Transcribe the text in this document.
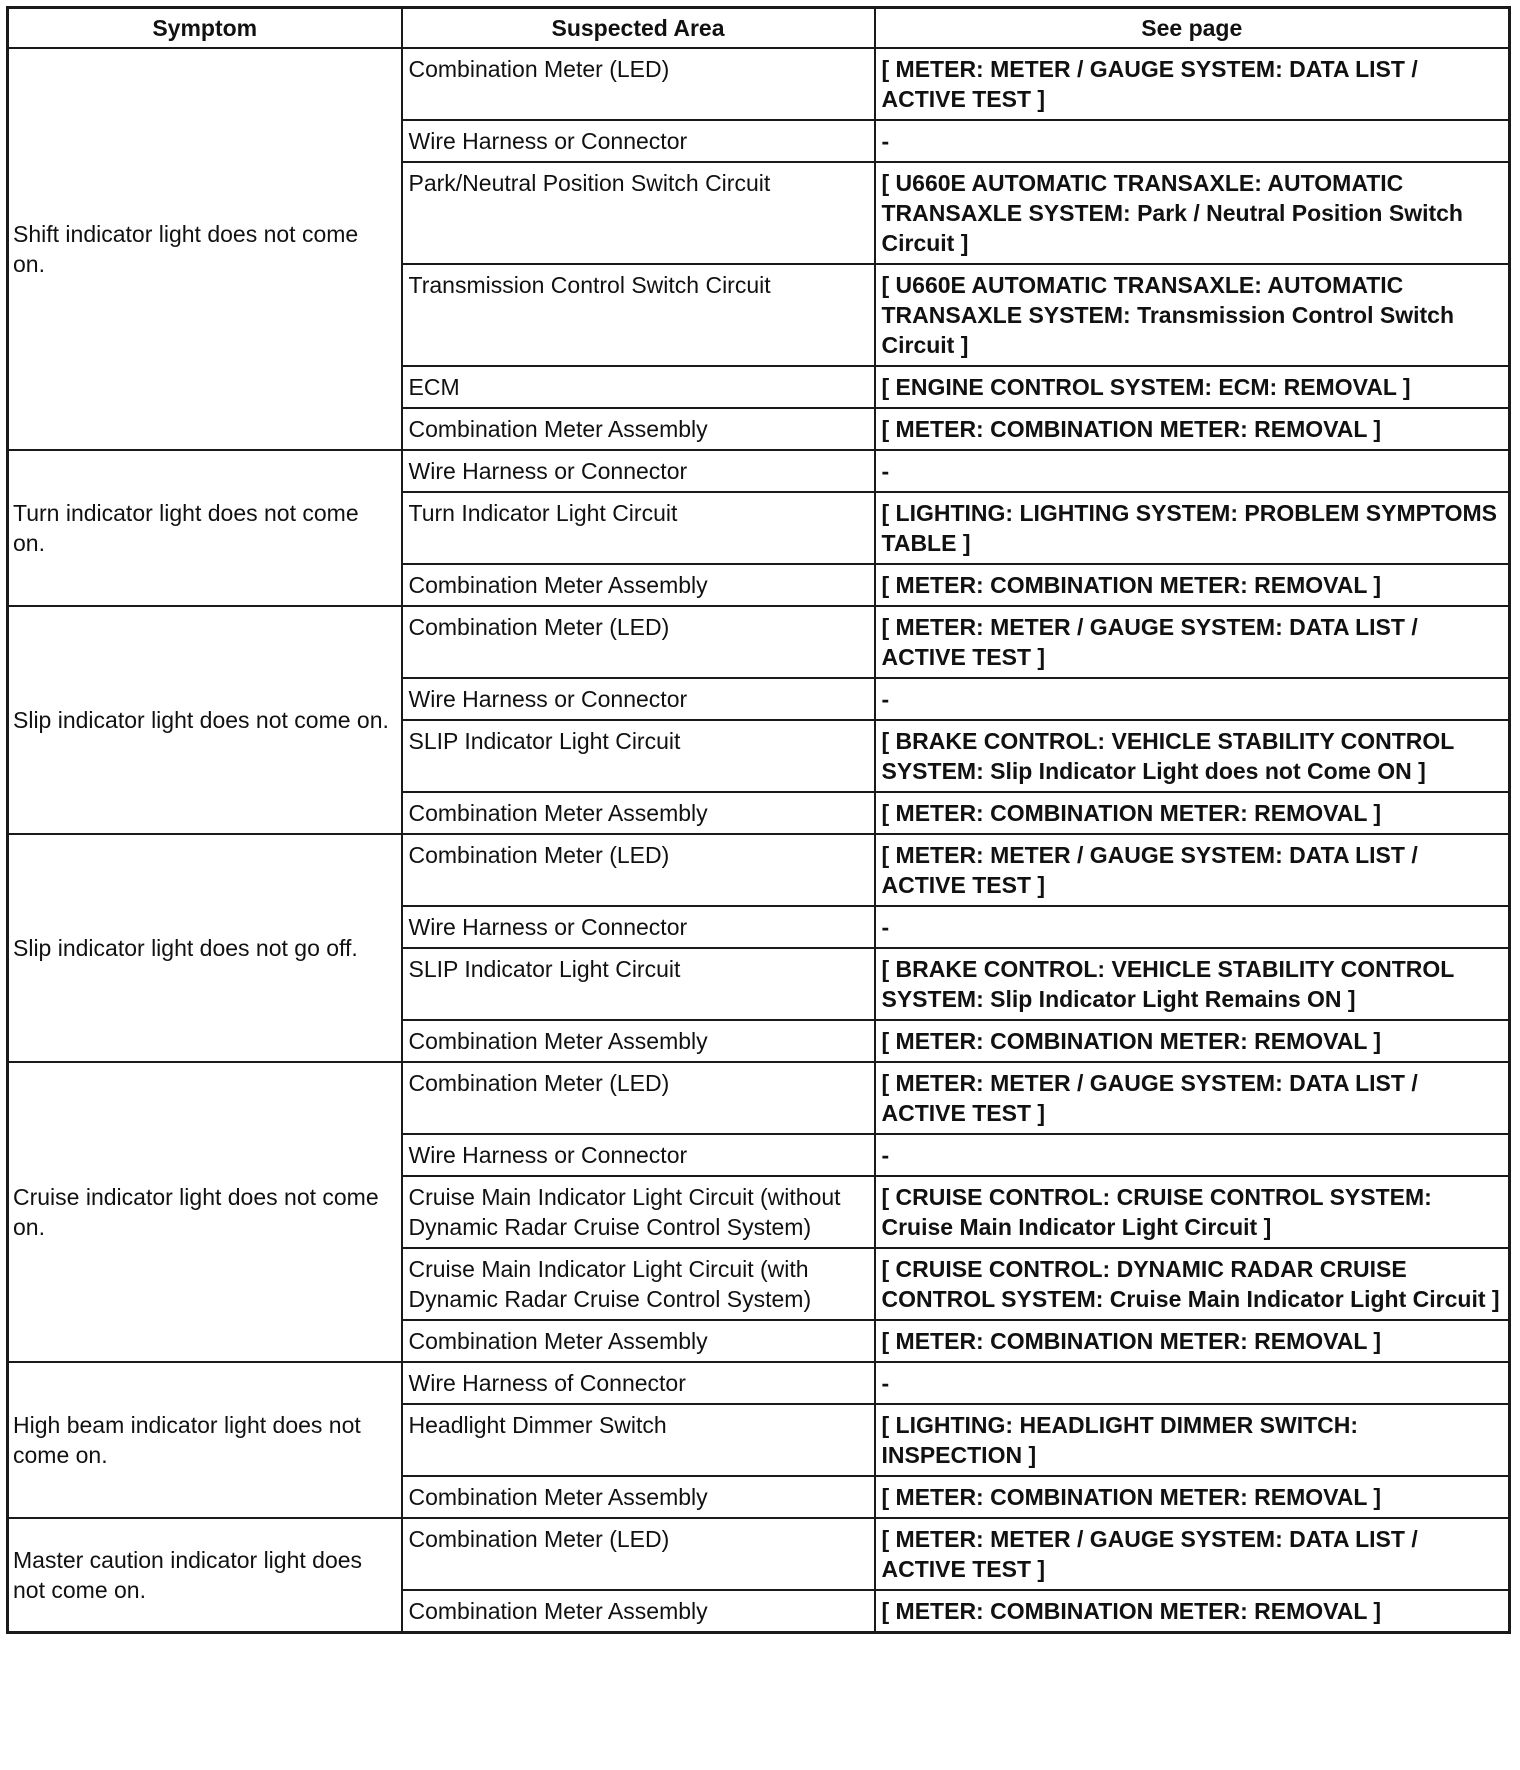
Symptom	Suspected Area	See page
Shift indicator light does not come on.	Combination Meter (LED)	[ METER: METER / GAUGE SYSTEM: DATA LIST / ACTIVE TEST ]
	Wire Harness or Connector	-
	Park/Neutral Position Switch Circuit	[ U660E AUTOMATIC TRANSAXLE: AUTOMATIC TRANSAXLE SYSTEM: Park / Neutral Position Switch Circuit ]
	Transmission Control Switch Circuit	[ U660E AUTOMATIC TRANSAXLE: AUTOMATIC TRANSAXLE SYSTEM: Transmission Control Switch Circuit ]
	ECM	[ ENGINE CONTROL SYSTEM: ECM: REMOVAL ]
	Combination Meter Assembly	[ METER: COMBINATION METER: REMOVAL ]
Turn indicator light does not come on.	Wire Harness or Connector	-
	Turn Indicator Light Circuit	[ LIGHTING: LIGHTING SYSTEM: PROBLEM SYMPTOMS TABLE ]
	Combination Meter Assembly	[ METER: COMBINATION METER: REMOVAL ]
Slip indicator light does not come on.	Combination Meter (LED)	[ METER: METER / GAUGE SYSTEM: DATA LIST / ACTIVE TEST ]
	Wire Harness or Connector	-
	SLIP Indicator Light Circuit	[ BRAKE CONTROL: VEHICLE STABILITY CONTROL SYSTEM: Slip Indicator Light does not Come ON ]
	Combination Meter Assembly	[ METER: COMBINATION METER: REMOVAL ]
Slip indicator light does not go off.	Combination Meter (LED)	[ METER: METER / GAUGE SYSTEM: DATA LIST / ACTIVE TEST ]
	Wire Harness or Connector	-
	SLIP Indicator Light Circuit	[ BRAKE CONTROL: VEHICLE STABILITY CONTROL SYSTEM: Slip Indicator Light Remains ON ]
	Combination Meter Assembly	[ METER: COMBINATION METER: REMOVAL ]
Cruise indicator light does not come on.	Combination Meter (LED)	[ METER: METER / GAUGE SYSTEM: DATA LIST / ACTIVE TEST ]
	Wire Harness or Connector	-
	Cruise Main Indicator Light Circuit (without Dynamic Radar Cruise Control System)	[ CRUISE CONTROL: CRUISE CONTROL SYSTEM: Cruise Main Indicator Light Circuit ]
	Cruise Main Indicator Light Circuit (with Dynamic Radar Cruise Control System)	[ CRUISE CONTROL: DYNAMIC RADAR CRUISE CONTROL SYSTEM: Cruise Main Indicator Light Circuit ]
	Combination Meter Assembly	[ METER: COMBINATION METER: REMOVAL ]
High beam indicator light does not come on.	Wire Harness of Connector	-
	Headlight Dimmer Switch	[ LIGHTING: HEADLIGHT DIMMER SWITCH: INSPECTION ]
	Combination Meter Assembly	[ METER: COMBINATION METER: REMOVAL ]
Master caution indicator light does not come on.	Combination Meter (LED)	[ METER: METER / GAUGE SYSTEM: DATA LIST / ACTIVE TEST ]
	Combination Meter Assembly	[ METER: COMBINATION METER: REMOVAL ]
